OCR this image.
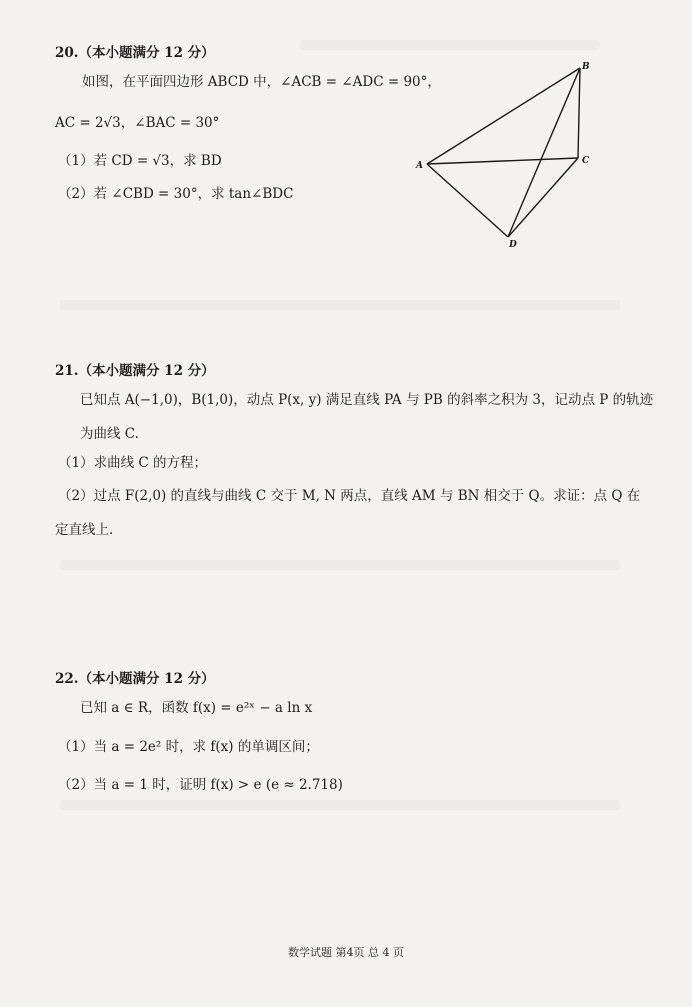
20.（本小题满分 12 分）
如图，在平面四边形 ABCD 中，∠ACB = ∠ADC = 90°，
AC = 2√3，∠BAC = 30°
（1）若 CD = √3，求 BD
（2）若 ∠CBD = 30°，求 tan∠BDC
A
B
C
D
21.（本小题满分 12 分）
已知点 A(−1,0)，B(1,0)，动点 P(x, y) 满足直线 PA 与 PB 的斜率之积为 3，记动点 P 的轨迹
为曲线 C.
（1）求曲线 C 的方程；
（2）过点 F(2,0) 的直线与曲线 C 交于 M, N 两点，直线 AM 与 BN 相交于 Q。求证：点 Q 在
定直线上.
22.（本小题满分 12 分）
已知 a ∈ R，函数 f(x) = e²ˣ − a ln x
（1）当 a = 2e² 时，求 f(x) 的单调区间；
（2）当 a = 1 时，证明 f(x) > e (e ≈ 2.718)
数学试题 第4页 总 4 页
